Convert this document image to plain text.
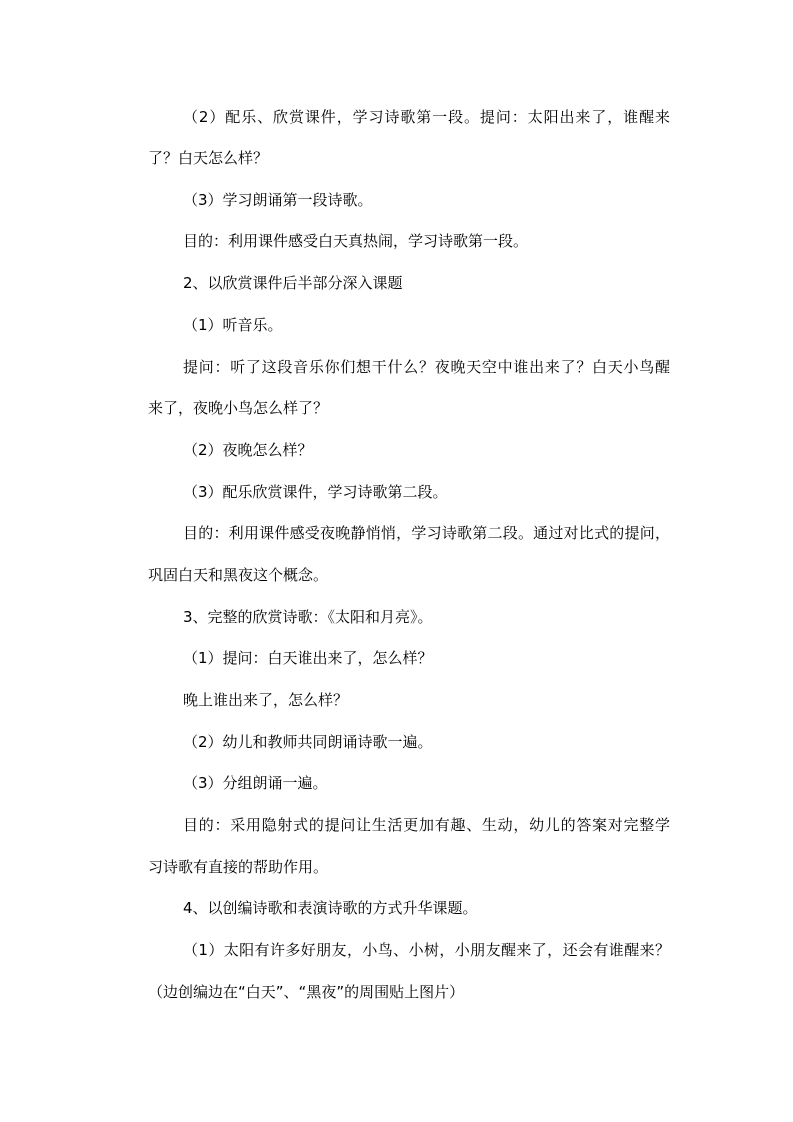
（2）配乐、欣赏课件，学习诗歌第一段。提问：太阳出来了，谁醒来
了？白天怎么样？
（3）学习朗诵第一段诗歌。
目的：利用课件感受白天真热闹，学习诗歌第一段。
2、以欣赏课件后半部分深入课题
（1）听音乐。
提问：听了这段音乐你们想干什么？夜晚天空中谁出来了？白天小鸟醒
来了，夜晚小鸟怎么样了？
（2）夜晚怎么样？
（3）配乐欣赏课件，学习诗歌第二段。
目的：利用课件感受夜晚静悄悄，学习诗歌第二段。通过对比式的提问，
巩固白天和黑夜这个概念。
3、完整的欣赏诗歌：《太阳和月亮》。
（1）提问：白天谁出来了，怎么样？
晚上谁出来了，怎么样？
（2）幼儿和教师共同朗诵诗歌一遍。
（3）分组朗诵一遍。
目的：采用隐射式的提问让生活更加有趣、生动，幼儿的答案对完整学
习诗歌有直接的帮助作用。
4、以创编诗歌和表演诗歌的方式升华课题。
（1）太阳有许多好朋友，小鸟、小树，小朋友醒来了，还会有谁醒来？
（边创编边在“白天”、“黑夜”的周围贴上图片）
